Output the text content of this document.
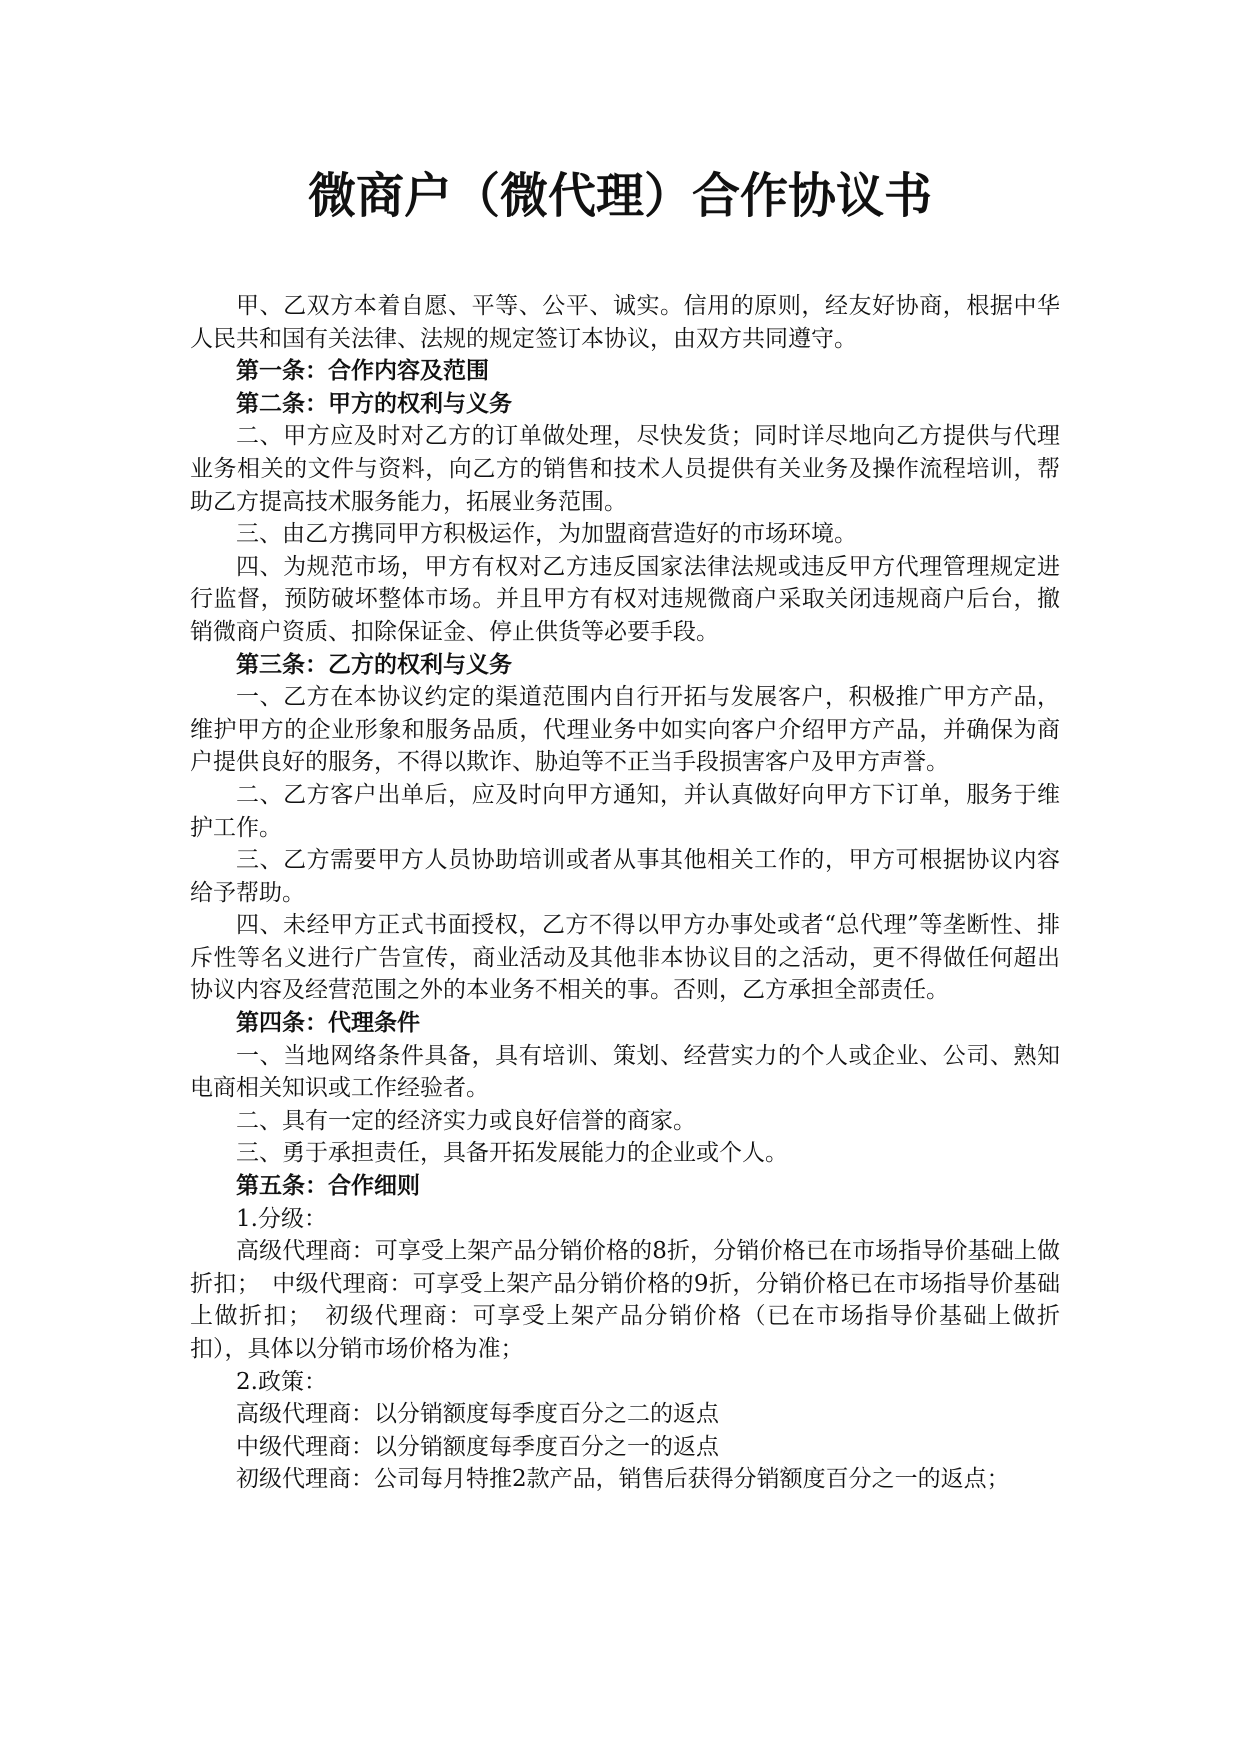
微商户（微代理）合作协议书

甲、乙双方本着自愿、平等、公平、诚实。信用的原则，经友好协商，根据中华人民共和国有关法律、法规的规定签订本协议，由双方共同遵守。

第一条：合作内容及范围

第二条：甲方的权利与义务

二、甲方应及时对乙方的订单做处理，尽快发货；同时详尽地向乙方提供与代理业务相关的文件与资料，向乙方的销售和技术人员提供有关业务及操作流程培训，帮助乙方提高技术服务能力，拓展业务范围。

三、由乙方携同甲方积极运作，为加盟商营造好的市场环境。

四、为规范市场，甲方有权对乙方违反国家法律法规或违反甲方代理管理规定进行监督，预防破坏整体市场。并且甲方有权对违规微商户采取关闭违规商户后台，撤销微商户资质、扣除保证金、停止供货等必要手段。

第三条：乙方的权利与义务

一、乙方在本协议约定的渠道范围内自行开拓与发展客户，积极推广甲方产品，维护甲方的企业形象和服务品质，代理业务中如实向客户介绍甲方产品，并确保为商户提供良好的服务，不得以欺诈、胁迫等不正当手段损害客户及甲方声誉。

二、乙方客户出单后，应及时向甲方通知，并认真做好向甲方下订单，服务于维护工作。

三、乙方需要甲方人员协助培训或者从事其他相关工作的，甲方可根据协议内容给予帮助。

四、未经甲方正式书面授权，乙方不得以甲方办事处或者“总代理”等垄断性、排斥性等名义进行广告宣传，商业活动及其他非本协议目的之活动，更不得做任何超出协议内容及经营范围之外的本业务不相关的事。否则，乙方承担全部责任。

第四条：代理条件

一、当地网络条件具备，具有培训、策划、经营实力的个人或企业、公司、熟知电商相关知识或工作经验者。

二、具有一定的经济实力或良好信誉的商家。

三、勇于承担责任，具备开拓发展能力的企业或个人。

第五条：合作细则

1.分级：

高级代理商：可享受上架产品分销价格的8折，分销价格已在市场指导价基础上做折扣；　中级代理商：可享受上架产品分销价格的9折，分销价格已在市场指导价基础上做折扣；　初级代理商：可享受上架产品分销价格（已在市场指导价基础上做折扣），具体以分销市场价格为准；

2.政策：

高级代理商：以分销额度每季度百分之二的返点

中级代理商：以分销额度每季度百分之一的返点

初级代理商：公司每月特推2款产品，销售后获得分销额度百分之一的返点；
